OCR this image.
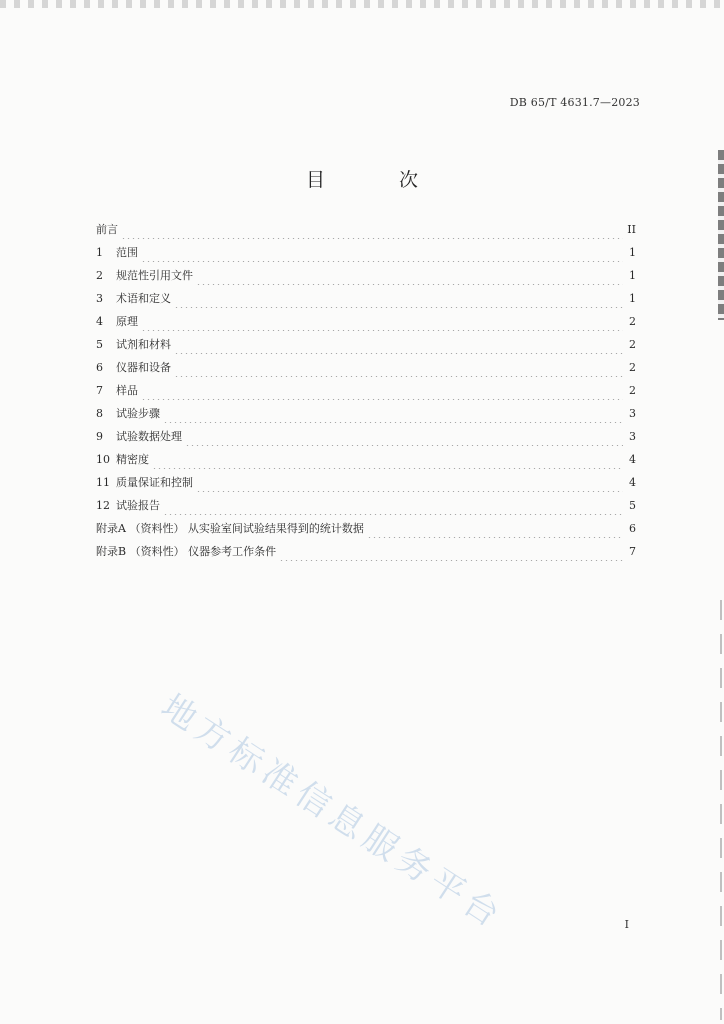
DB 65/T 4631.7—2023
目 次
前言	II
1 范围	1
2 规范性引用文件	1
3 术语和定义	1
4 原理	2
5 试剂和材料	2
6 仪器和设备	2
7 样品	2
8 试验步骤	3
9 试验数据处理	3
10 精密度	4
11 质量保证和控制	4
12 试验报告	5
附录A （资料性） 从实验室间试验结果得到的统计数据	6
附录B （资料性） 仪器参考工作条件	7
地方标准信息服务平台	I
